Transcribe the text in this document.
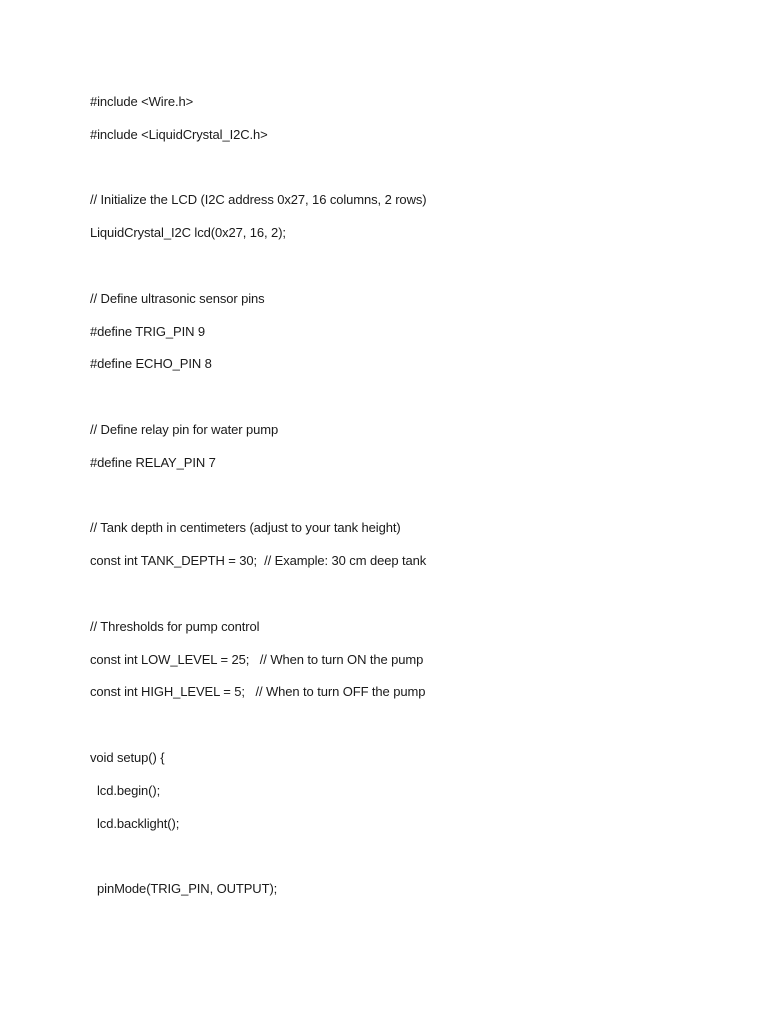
#include <Wire.h>
#include <LiquidCrystal_I2C.h>
// Initialize the LCD (I2C address 0x27, 16 columns, 2 rows)
LiquidCrystal_I2C lcd(0x27, 16, 2);
// Define ultrasonic sensor pins
#define TRIG_PIN 9
#define ECHO_PIN 8
// Define relay pin for water pump
#define RELAY_PIN 7
// Tank depth in centimeters (adjust to your tank height)
const int TANK_DEPTH = 30;  // Example: 30 cm deep tank
// Thresholds for pump control
const int LOW_LEVEL = 25;   // When to turn ON the pump
const int HIGH_LEVEL = 5;   // When to turn OFF the pump
void setup() {
lcd.begin();
lcd.backlight();
pinMode(TRIG_PIN, OUTPUT);
